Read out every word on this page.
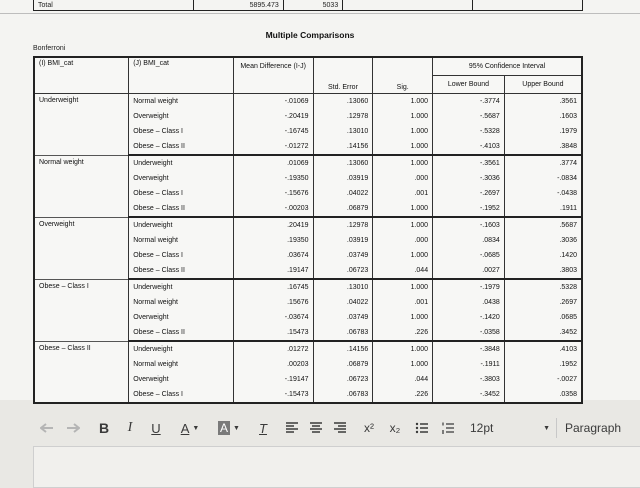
Total	5895.473	5033		
Multiple Comparisons
Bonferroni
(I) BMI_cat	(J) BMI_cat	Mean Difference (I-J)	Std. Error	Sig.	95% Confidence Interval	
					Lower Bound	Upper Bound
Underweight	Normal weight	-.01069	.13060	1.000	-.3774	.3561
	Overweight	-.20419	.12978	1.000	-.5687	.1603
	Obese – Class I	-.16745	.13010	1.000	-.5328	.1979
	Obese – Class II	-.01272	.14156	1.000	-.4103	.3848
Normal weight	Underweight	.01069	.13060	1.000	-.3561	.3774
	Overweight	-.19350	.03919	.000	-.3036	-.0834
	Obese – Class I	-.15676	.04022	.001	-.2697	-.0438
	Obese – Class II	-.00203	.06879	1.000	-.1952	.1911
Overweight	Underweight	.20419	.12978	1.000	-.1603	.5687
	Normal weight	.19350	.03919	.000	.0834	.3036
	Obese – Class I	.03674	.03749	1.000	-.0685	.1420
	Obese – Class II	.19147	.06723	.044	.0027	.3803
Obese – Class I	Underweight	.16745	.13010	1.000	-.1979	.5328
	Normal weight	.15676	.04022	.001	.0438	.2697
	Overweight	-.03674	.03749	1.000	-.1420	.0685
	Obese – Class II	.15473	.06783	.226	-.0358	.3452
Obese – Class II	Underweight	.01272	.14156	1.000	-.3848	.4103
	Normal weight	.00203	.06879	1.000	-.1911	.1952
	Overweight	-.19147	.06723	.044	-.3803	-.0027
	Obese – Class I	-.15473	.06783	.226	-.3452	.0358
B	I	U	A ▼ A ▼	T	x²	x₂	12pt	▼ Paragraph
